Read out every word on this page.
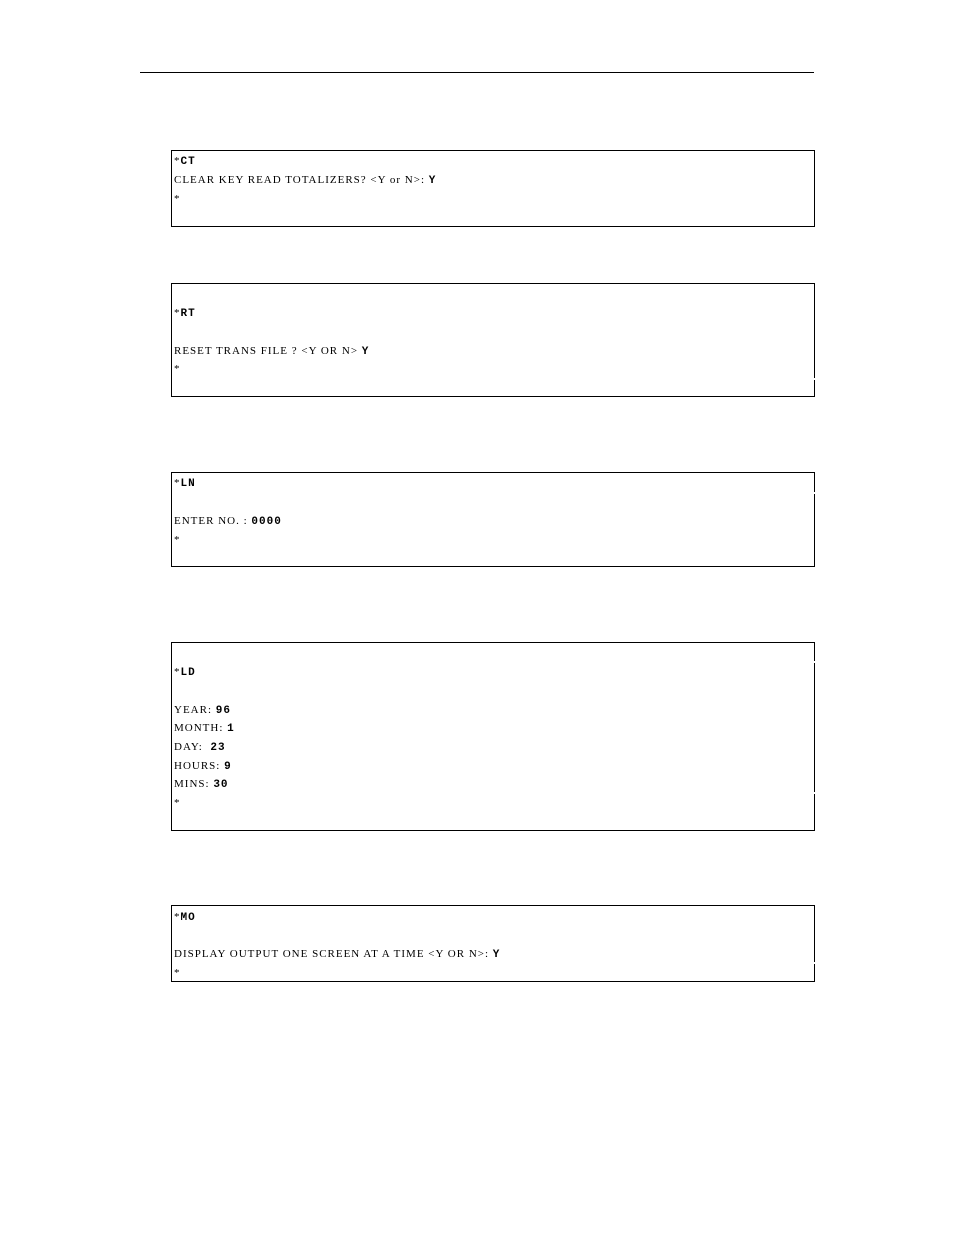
*CT
CLEAR KEY READ TOTALIZERS? <Y or N>: Y
*
*RT
RESET TRANS FILE ? <Y OR N> Y
*
*LN
ENTER NO. : 0000
*
*LD
YEAR: 96
MONTH: 1
DAY:  23
HOURS: 9
MINS: 30
*
*MO
DISPLAY OUTPUT ONE SCREEN AT A TIME <Y OR N>: Y
*
